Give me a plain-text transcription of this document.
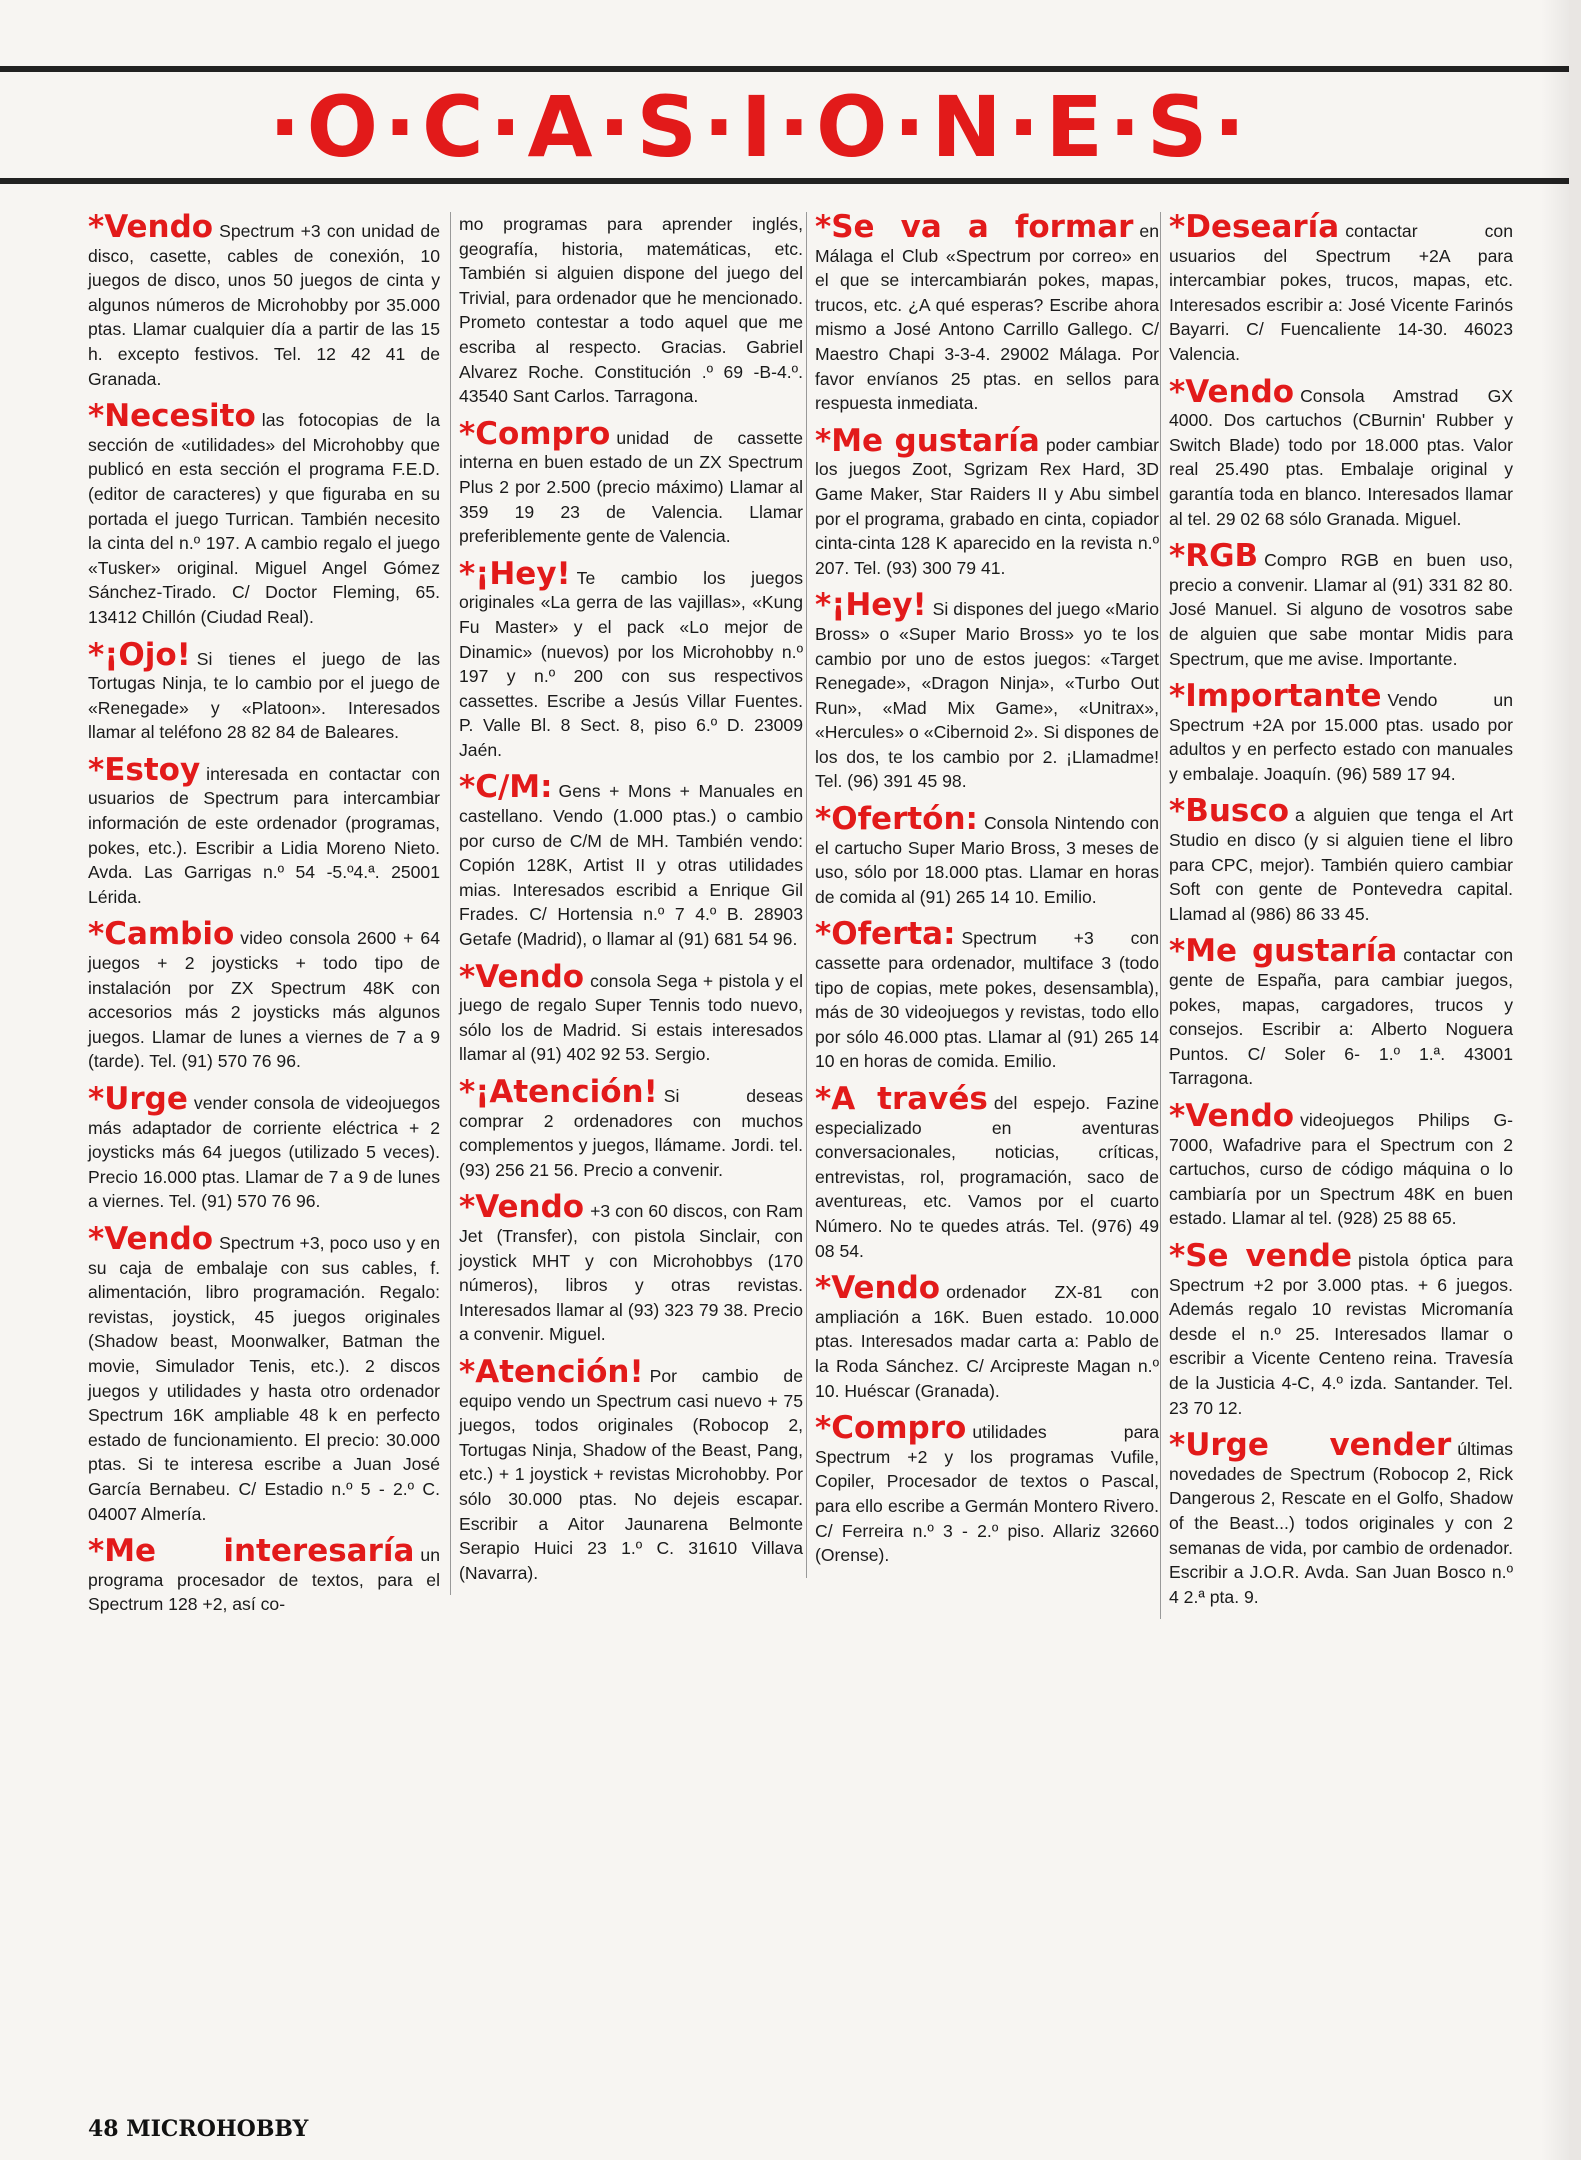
·O·C·A·S·I·O·N·E·S·

*Vendo Spectrum +3 con unidad de disco, casette, cables de conexión, 10 juegos de disco, unos 50 juegos de cinta y algunos números de Microhobby por 35.000 ptas. Llamar cualquier día a partir de las 15 h. excepto festivos. Tel. 12 42 41 de Granada.

*Necesito las fotocopias de la sección de «utilidades» del Microhobby que publicó en esta sección el programa F.E.D. (editor de caracteres) y que figuraba en su portada el juego Turrican. También necesito la cinta del n.º 197. A cambio regalo el juego «Tusker» original. Miguel Angel Gómez Sánchez-Tirado. C/ Doctor Fleming, 65. 13412 Chillón (Ciudad Real).

*¡Ojo! Si tienes el juego de las Tortugas Ninja, te lo cambio por el juego de «Renegade» y «Platoon». Interesados llamar al teléfono 28 82 84 de Baleares.

*Estoy interesada en contactar con usuarios de Spectrum para intercambiar información de este ordenador (programas, pokes, etc.). Escribir a Lidia Moreno Nieto. Avda. Las Garrigas n.º 54 -5.º4.ª. 25001 Lérida.

*Cambio video consola 2600 + 64 juegos + 2 joysticks + todo tipo de instalación por ZX Spectrum 48K con accesorios más 2 joysticks más algunos juegos. Llamar de lunes a viernes de 7 a 9 (tarde). Tel. (91) 570 76 96.

*Urge vender consola de videojuegos más adaptador de corriente eléctrica + 2 joysticks más 64 juegos (utilizado 5 veces). Precio 16.000 ptas. Llamar de 7 a 9 de lunes a viernes. Tel. (91) 570 76 96.

*Vendo Spectrum +3, poco uso y en su caja de embalaje con sus cables, f. alimentación, libro programación. Regalo: revistas, joystick, 45 juegos originales (Shadow beast, Moonwalker, Batman the movie, Simulador Tenis, etc.). 2 discos juegos y utilidades y hasta otro ordenador Spectrum 16K ampliable 48 k en perfecto estado de funcionamiento. El precio: 30.000 ptas. Si te interesa escribe a Juan José García Bernabeu. C/ Estadio n.º 5 - 2.º C. 04007 Almería.

*Me interesaría un programa procesador de textos, para el Spectrum 128 +2, así co-

mo programas para aprender inglés, geografía, historia, matemáticas, etc. También si alguien dispone del juego del Trivial, para ordenador que he mencionado. Prometo contestar a todo aquel que me escriba al respecto. Gracias. Gabriel Alvarez Roche. Constitución .º 69 -B-4.º. 43540 Sant Carlos. Tarragona.

*Compro unidad de cassette interna en buen estado de un ZX Spectrum Plus 2 por 2.500 (precio máximo) Llamar al 359 19 23 de Valencia. Llamar preferiblemente gente de Valencia.

*¡Hey! Te cambio los juegos originales «La gerra de las vajillas», «Kung Fu Master» y el pack «Lo mejor de Dinamic» (nuevos) por los Microhobby n.º 197 y n.º 200 con sus respectivos cassettes. Escribe a Jesús Villar Fuentes. P. Valle Bl. 8 Sect. 8, piso 6.º D. 23009 Jaén.

*C/M: Gens + Mons + Manuales en castellano. Vendo (1.000 ptas.) o cambio por curso de C/M de MH. También vendo: Copión 128K, Artist II y otras utilidades mias. Interesados escribid a Enrique Gil Frades. C/ Hortensia n.º 7 4.º B. 28903 Getafe (Madrid), o llamar al (91) 681 54 96.

*Vendo consola Sega + pistola y el juego de regalo Super Tennis todo nuevo, sólo los de Madrid. Si estais interesados llamar al (91) 402 92 53. Sergio.

*¡Atención! Si deseas comprar 2 ordenadores con muchos complementos y juegos, llámame. Jordi. tel. (93) 256 21 56. Precio a convenir.

*Vendo +3 con 60 discos, con Ram Jet (Transfer), con pistola Sinclair, con joystick MHT y con Microhobbys (170 números), libros y otras revistas. Interesados llamar al (93) 323 79 38. Precio a convenir. Miguel.

*Atención! Por cambio de equipo vendo un Spectrum casi nuevo + 75 juegos, todos originales (Robocop 2, Tortugas Ninja, Shadow of the Beast, Pang, etc.) + 1 joystick + revistas Microhobby. Por sólo 30.000 ptas. No dejeis escapar. Escribir a Aitor Jaunarena Belmonte Serapio Huici 23 1.º C. 31610 Villava (Navarra).

*Se va a formar en Málaga el Club «Spectrum por correo» en el que se intercambiarán pokes, mapas, trucos, etc. ¿A qué esperas? Escribe ahora mismo a José Antono Carrillo Gallego. C/ Maestro Chapi 3-3-4. 29002 Málaga. Por favor envíanos 25 ptas. en sellos para respuesta inmediata.

*Me gustaría poder cambiar los juegos Zoot, Sgrizam Rex Hard, 3D Game Maker, Star Raiders II y Abu simbel por el programa, grabado en cinta, copiador cinta-cinta 128 K aparecido en la revista n.º 207. Tel. (93) 300 79 41.

*¡Hey! Si dispones del juego «Mario Bross» o «Super Mario Bross» yo te los cambio por uno de estos juegos: «Target Renegade», «Dragon Ninja», «Turbo Out Run», «Mad Mix Game», «Unitrax», «Hercules» o «Cibernoid 2». Si dispones de los dos, te los cambio por 2. ¡Llamadme! Tel. (96) 391 45 98.

*Ofertón: Consola Nintendo con el cartucho Super Mario Bross, 3 meses de uso, sólo por 18.000 ptas. Llamar en horas de comida al (91) 265 14 10. Emilio.

*Oferta: Spectrum +3 con cassette para ordenador, multiface 3 (todo tipo de copias, mete pokes, desensambla), más de 30 videojuegos y revistas, todo ello por sólo 46.000 ptas. Llamar al (91) 265 14 10 en horas de comida. Emilio.

*A través del espejo. Fazine especializado en aventuras conversacionales, noticias, críticas, entrevistas, rol, programación, saco de aventureas, etc. Vamos por el cuarto Número. No te quedes atrás. Tel. (976) 49 08 54.

*Vendo ordenador ZX-81 con ampliación a 16K. Buen estado. 10.000 ptas. Interesados madar carta a: Pablo de la Roda Sánchez. C/ Arcipreste Magan n.º 10. Huéscar (Granada).

*Compro utilidades para Spectrum +2 y los programas Vufile, Copiler, Procesador de textos o Pascal, para ello escribe a Germán Montero Rivero. C/ Ferreira n.º 3 - 2.º piso. Allariz 32660 (Orense).

*Desearía contactar con usuarios del Spectrum +2A para intercambiar pokes, trucos, mapas, etc. Interesados escribir a: José Vicente Farinós Bayarri. C/ Fuencaliente 14-30. 46023 Valencia.

*Vendo Consola Amstrad GX 4000. Dos cartuchos (CBurnin' Rubber y Switch Blade) todo por 18.000 ptas. Valor real 25.490 ptas. Embalaje original y garantía toda en blanco. Interesados llamar al tel. 29 02 68 sólo Granada. Miguel.

*RGB Compro RGB en buen uso, precio a convenir. Llamar al (91) 331 82 80. José Manuel. Si alguno de vosotros sabe de alguien que sabe montar Midis para Spectrum, que me avise. Importante.

*Importante Vendo un Spectrum +2A por 15.000 ptas. usado por adultos y en perfecto estado con manuales y embalaje. Joaquín. (96) 589 17 94.

*Busco a alguien que tenga el Art Studio en disco (y si alguien tiene el libro para CPC, mejor). También quiero cambiar Soft con gente de Pontevedra capital. Llamad al (986) 86 33 45.

*Me gustaría contactar con gente de España, para cambiar juegos, pokes, mapas, cargadores, trucos y consejos. Escribir a: Alberto Noguera Puntos. C/ Soler 6- 1.º 1.ª. 43001 Tarragona.

*Vendo videojuegos Philips G-7000, Wafadrive para el Spectrum con 2 cartuchos, curso de código máquina o lo cambiaría por un Spectrum 48K en buen estado. Llamar al tel. (928) 25 88 65.

*Se vende pistola óptica para Spectrum +2 por 3.000 ptas. + 6 juegos. Además regalo 10 revistas Micromanía desde el n.º 25. Interesados llamar o escribir a Vicente Centeno reina. Travesía de la Justicia 4-C, 4.º izda. Santander. Tel. 23 70 12.

*Urge vender últimas novedades de Spectrum (Robocop 2, Rick Dangerous 2, Rescate en el Golfo, Shadow of the Beast...) todos originales y con 2 semanas de vida, por cambio de ordenador. Escribir a J.O.R. Avda. San Juan Bosco n.º 4 2.ª pta. 9.

48 MICROHOBBY
